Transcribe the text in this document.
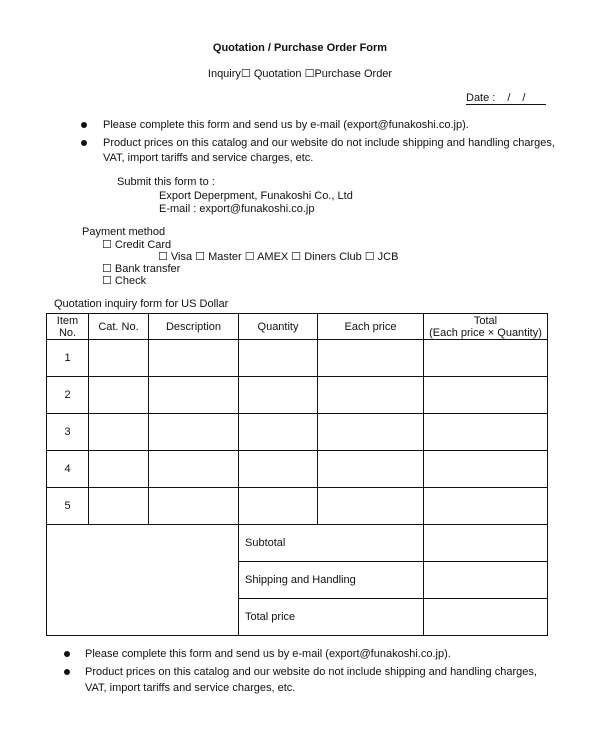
Quotation / Purchase Order Form
Inquiry☐ Quotation ☐Purchase Order
Date : / /
Please complete this form and send us by e-mail (export@funakoshi.co.jp).
Product prices on this catalog and our website do not include shipping and handling charges,
VAT, import tariffs and service charges, etc.
Submit this form to :
Export Deperpment, Funakoshi Co., Ltd
E-mail : export@funakoshi.co.jp
Payment method
☐ Credit Card
☐ Visa ☐ Master ☐ AMEX ☐ Diners Club ☐ JCB
☐ Bank transfer
☐ Check
Quotation inquiry form for US Dollar
Item
No.	Cat. No.	Description	Quantity	Each price	Total
(Each price × Quantity)
1					
2					
3					
4					
5					
			Subtotal		
			Shipping and Handling		
			Total price		
Please complete this form and send us by e-mail (export@funakoshi.co.jp).
Product prices on this catalog and our website do not include shipping and handling charges,
VAT, import tariffs and service charges, etc.
